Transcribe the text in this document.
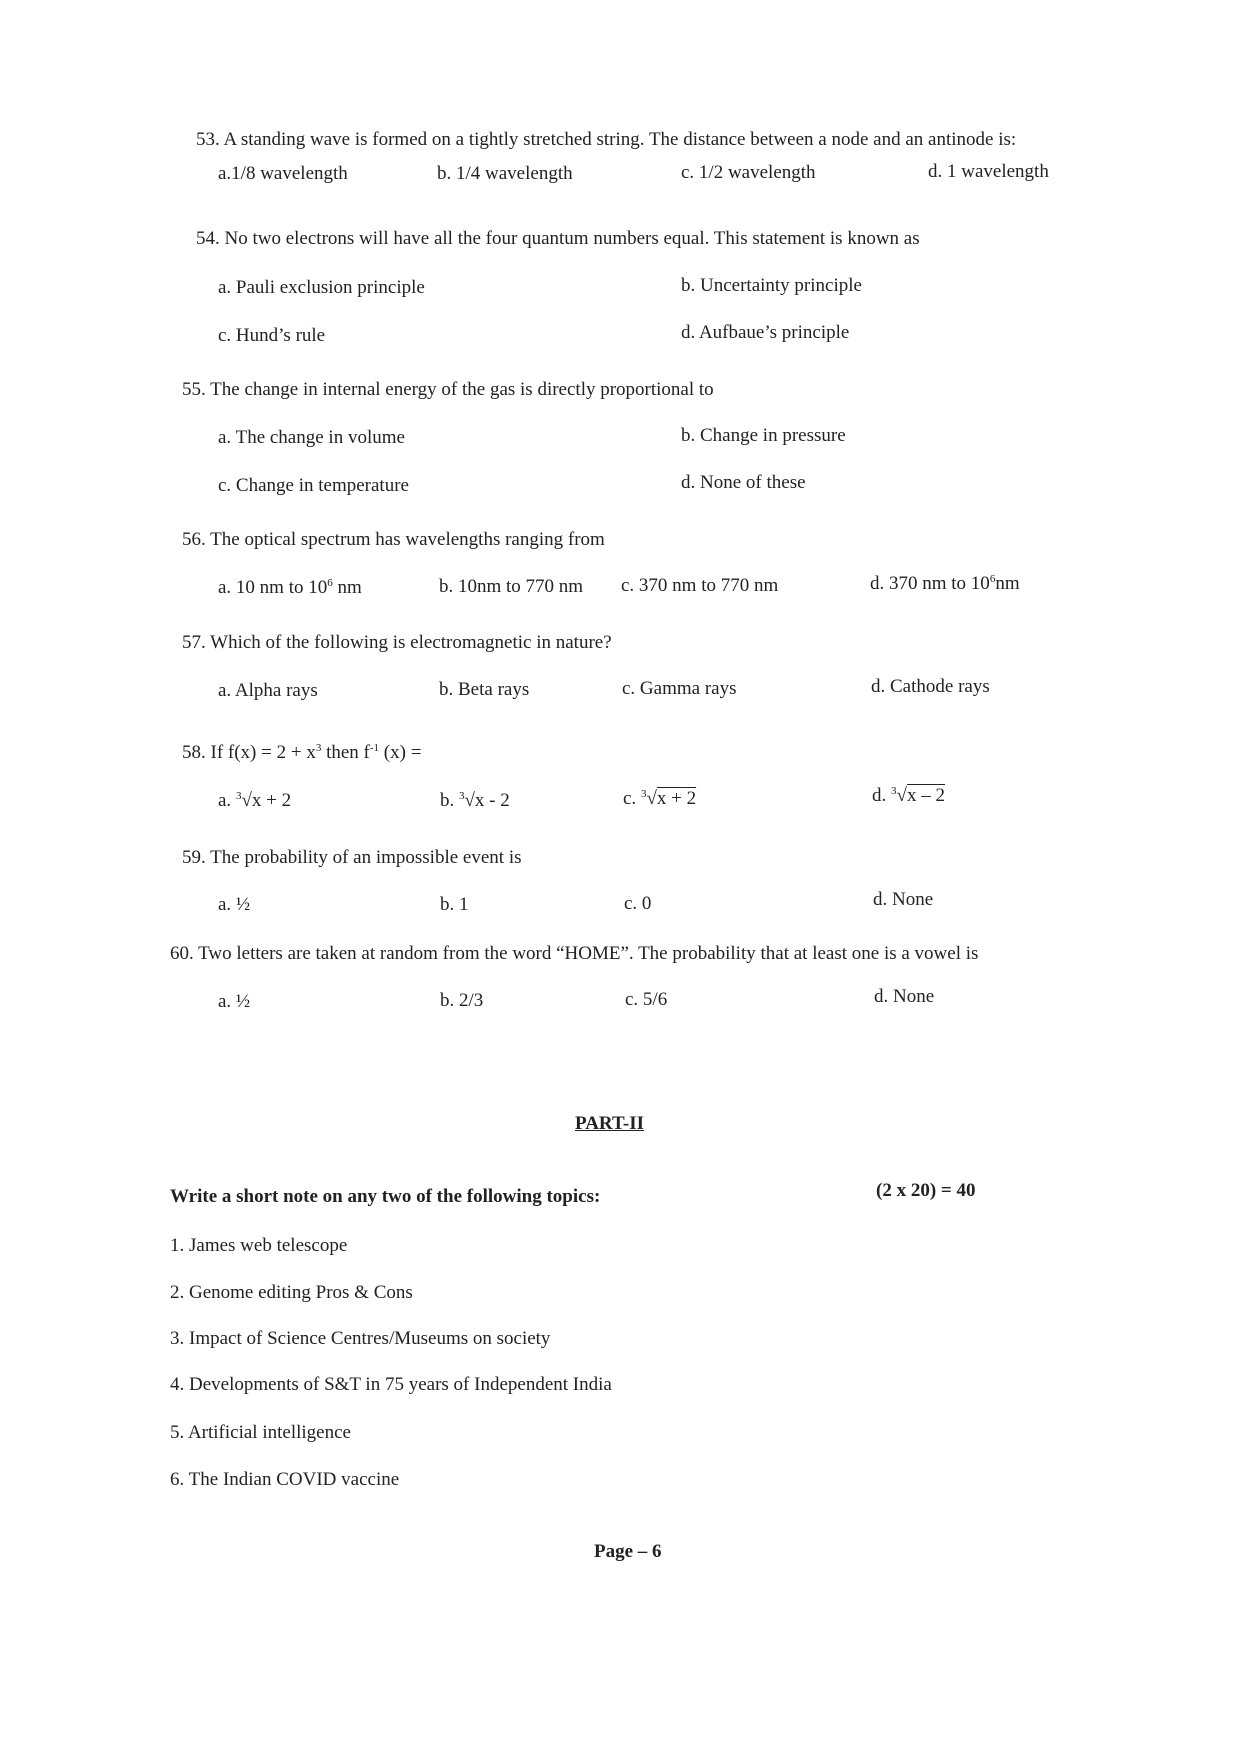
53. A standing wave is formed on a tightly stretched string. The distance between a node and an antinode is:
a.1/8 wavelength	b. 1/4 wavelength	c. 1/2 wavelength	d. 1 wavelength
54. No two electrons will have all the four quantum numbers equal. This statement is known as
a. Pauli exclusion principle	b. Uncertainty principle
c. Hund’s rule	d. Aufbaue’s principle
55. The change in internal energy of the gas is directly proportional to
a. The change in volume	b. Change in pressure
c. Change in temperature	d. None of these
56. The optical spectrum has wavelengths ranging from
a. 10 nm to $10^6$ nm	b. 10nm to 770 nm c. 370 nm to 770 nm	d. 370 nm to $10^6nm$
57. Which of the following is electromagnetic in nature?
a. Alpha rays	b. Beta rays	c. Gamma rays	d. Cathode rays
58. If $f(x) = 2 + x^3$ then $f^{-1}$ (x) =
a. $^3$√x + 2	b. $^3$√x - 2	c. $^3$√x + 2	d. $^3$√x – 2
59. The probability of an impossible event is
a. ½	b. 1	c. 0	d. None
60. Two letters are taken at random from the word “HOME”. The probability that at least one is a vowel is
a. ½	b. 2/3	c. 5/6	d. None
PART-II
Write a short note on any two of the following topics:	(2 x 20) = 40
1. James web telescope
2. Genome editing Pros & Cons
3. Impact of Science Centres/Museums on society
4. Developments of S&T in 75 years of Independent India
5. Artificial intelligence
6. The Indian COVID vaccine
Page – 6
